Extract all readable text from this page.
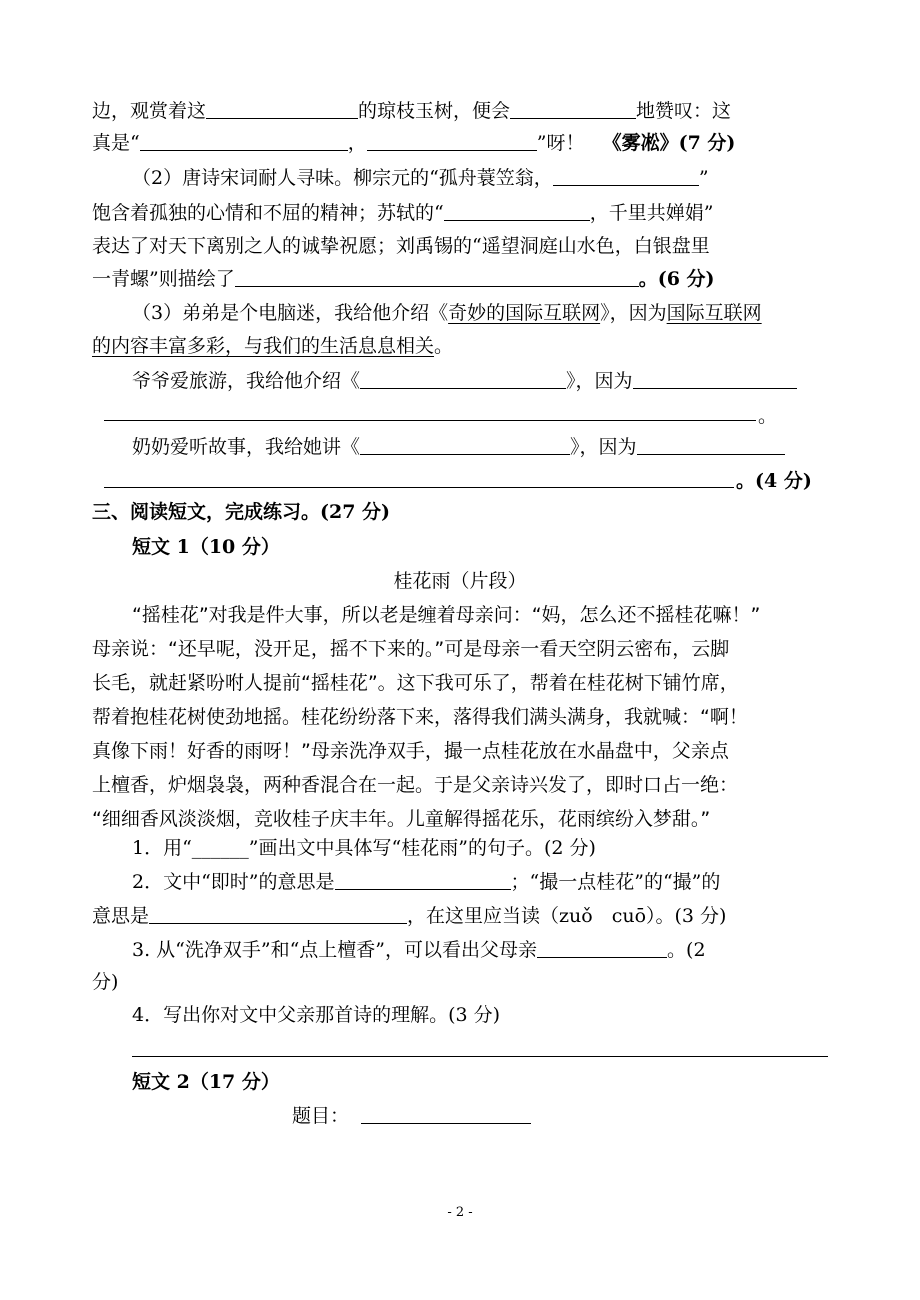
边，观赏着这	的琼枝玉树，便会	地赞叹：这
真是“	，	”呀！ 《雾凇》(7 分)
（2）唐诗宋词耐人寻味。柳宗元的“孤舟蓑笠翁，	”
饱含着孤独的心情和不屈的精神；苏轼的“	，千里共婵娟”
表达了对天下离别之人的诚挚祝愿；刘禹锡的“遥望洞庭山水色，白银盘里
一青螺”则描绘了	。(6 分)
（3）弟弟是个电脑迷，我给他介绍《奇妙的国际互联网》，因为国际互联网
的内容丰富多彩，与我们的生活息息相关。
爷爷爱旅游，我给他介绍《	》，因为
。
奶奶爱听故事，我给她讲《	》，因为
。(4 分)
三、阅读短文，完成练习。(27 分)
短文 1（10 分）
桂花雨（片段）
“摇桂花”对我是件大事，所以老是缠着母亲问：“妈，怎么还不摇桂花嘛！”
母亲说：“还早呢，没开足，摇不下来的。”可是母亲一看天空阴云密布，云脚
长毛，就赶紧吩咐人提前“摇桂花”。这下我可乐了，帮着在桂花树下铺竹席，
帮着抱桂花树使劲地摇。桂花纷纷落下来，落得我们满头满身，我就喊：“啊！
真像下雨！好香的雨呀！”母亲洗净双手，撮一点桂花放在水晶盘中，父亲点
上檀香，炉烟袅袅，两种香混合在一起。于是父亲诗兴发了，即时口占一绝：
“细细香风淡淡烟，竞收桂子庆丰年。儿童解得摇花乐，花雨缤纷入梦甜。”
1．用“______”画出文中具体写“桂花雨”的句子。(2 分)
2．文中“即时”的意思是	；“撮一点桂花”的“撮”的
意思是	，在这里应当读（zuǒ　cuō）。(3 分)
3. 从“洗净双手”和“点上檀香”，可以看出父母亲	。(2
分)
4．写出你对文中父亲那首诗的理解。(3 分)
短文 2（17 分）
题目：
- 2 -
